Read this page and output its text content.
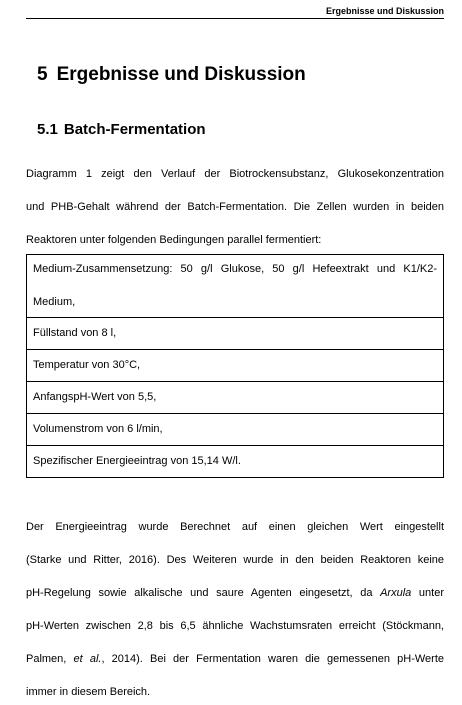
Ergebnisse und Diskussion
5 Ergebnisse und Diskussion
5.1 Batch-Fermentation
Diagramm 1 zeigt den Verlauf der Biotrockensubstanz, Glukosekonzentration
und PHB-Gehalt während der Batch-Fermentation. Die Zellen wurden in beiden
Reaktoren unter folgenden Bedingungen parallel fermentiert:
Medium-Zusammensetzung: 50 g/l Glukose, 50 g/l Hefeextrakt und K1/K2-
Medium,

Füllstand von 8 l,
Temperatur von 30°C,
AnfangspH-Wert von 5,5,
Volumenstrom von 6 l/min,
Spezifischer Energieeintrag von 15,14 W/l.
Der Energieeintrag wurde Berechnet auf einen gleichen Wert eingestellt
(Starke und Ritter, 2016). Des Weiteren wurde in den beiden Reaktoren keine
pH-Regelung sowie alkalische und saure Agenten eingesetzt, da Arxula unter
pH-Werten zwischen 2,8 bis 6,5 ähnliche Wachstumsraten erreicht (Stöckmann,
Palmen, et al., 2014). Bei der Fermentation waren die gemessenen pH-Werte
immer in diesem Bereich.
